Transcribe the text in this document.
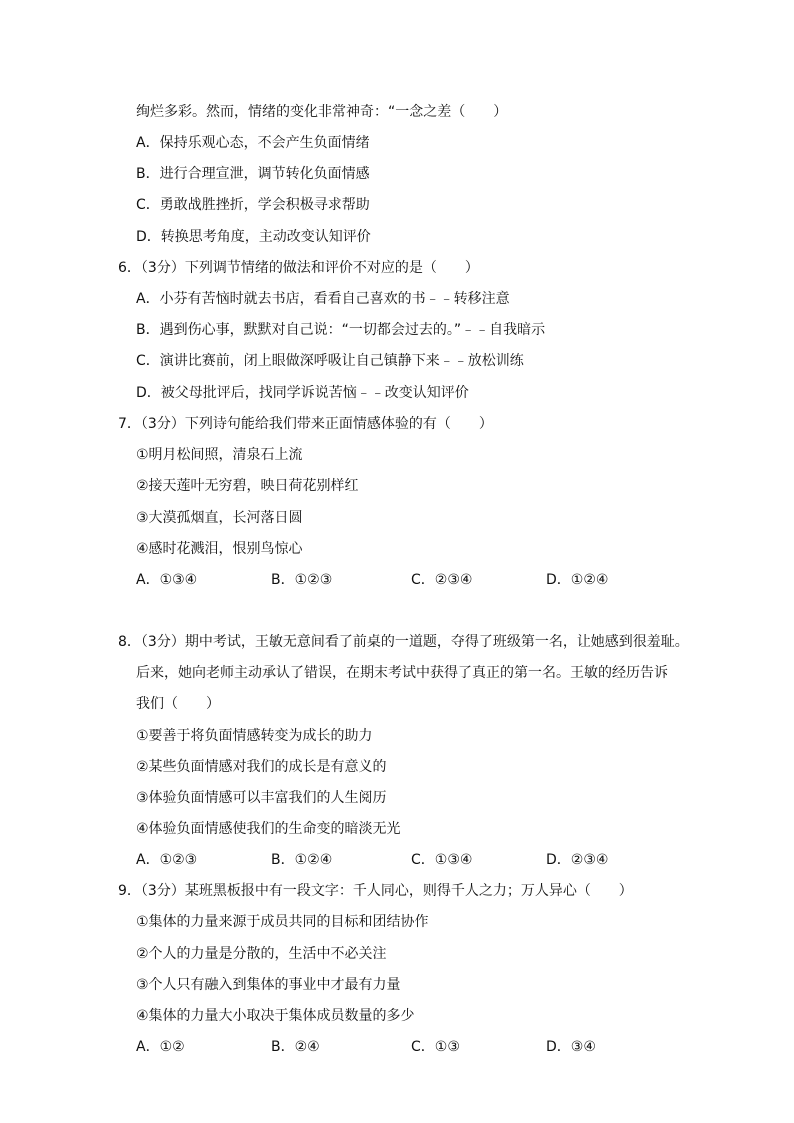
绚烂多彩。然而，情绪的变化非常神奇：“一念之差（　　）
A．保持乐观心态，不会产生负面情绪
B．进行合理宣泄，调节转化负面情感
C．勇敢战胜挫折，学会积极寻求帮助
D．转换思考角度，主动改变认知评价
6．（3分）下列调节情绪的做法和评价不对应的是（　　）
A．小芬有苦恼时就去书店，看看自己喜欢的书﹣﹣转移注意
B．遇到伤心事，默默对自己说：“一切都会过去的。”﹣﹣自我暗示
C．演讲比赛前，闭上眼做深呼吸让自己镇静下来﹣﹣放松训练
D．被父母批评后，找同学诉说苦恼﹣﹣改变认知评价
7．（3分）下列诗句能给我们带来正面情感体验的有（　　）
①明月松间照，清泉石上流
②接天莲叶无穷碧，映日荷花别样红
③大漠孤烟直，长河落日圆
④感时花溅泪，恨别鸟惊心
A．①③④	B．①②③	C．②③④	D．①②④
8．（3分）期中考试，王敏无意间看了前桌的一道题，夺得了班级第一名，让她感到很羞耻。
后来，她向老师主动承认了错误，在期末考试中获得了真正的第一名。王敏的经历告诉
我们（　　）
①要善于将负面情感转变为成长的助力
②某些负面情感对我们的成长是有意义的
③体验负面情感可以丰富我们的人生阅历
④体验负面情感使我们的生命变的暗淡无光
A．①②③	B．①②④	C．①③④	D．②③④
9．（3分）某班黑板报中有一段文字：千人同心，则得千人之力；万人异心（　　）
①集体的力量来源于成员共同的目标和团结协作
②个人的力量是分散的，生活中不必关注
③个人只有融入到集体的事业中才最有力量
④集体的力量大小取决于集体成员数量的多少
A．①②	B．②④	C．①③	D．③④
